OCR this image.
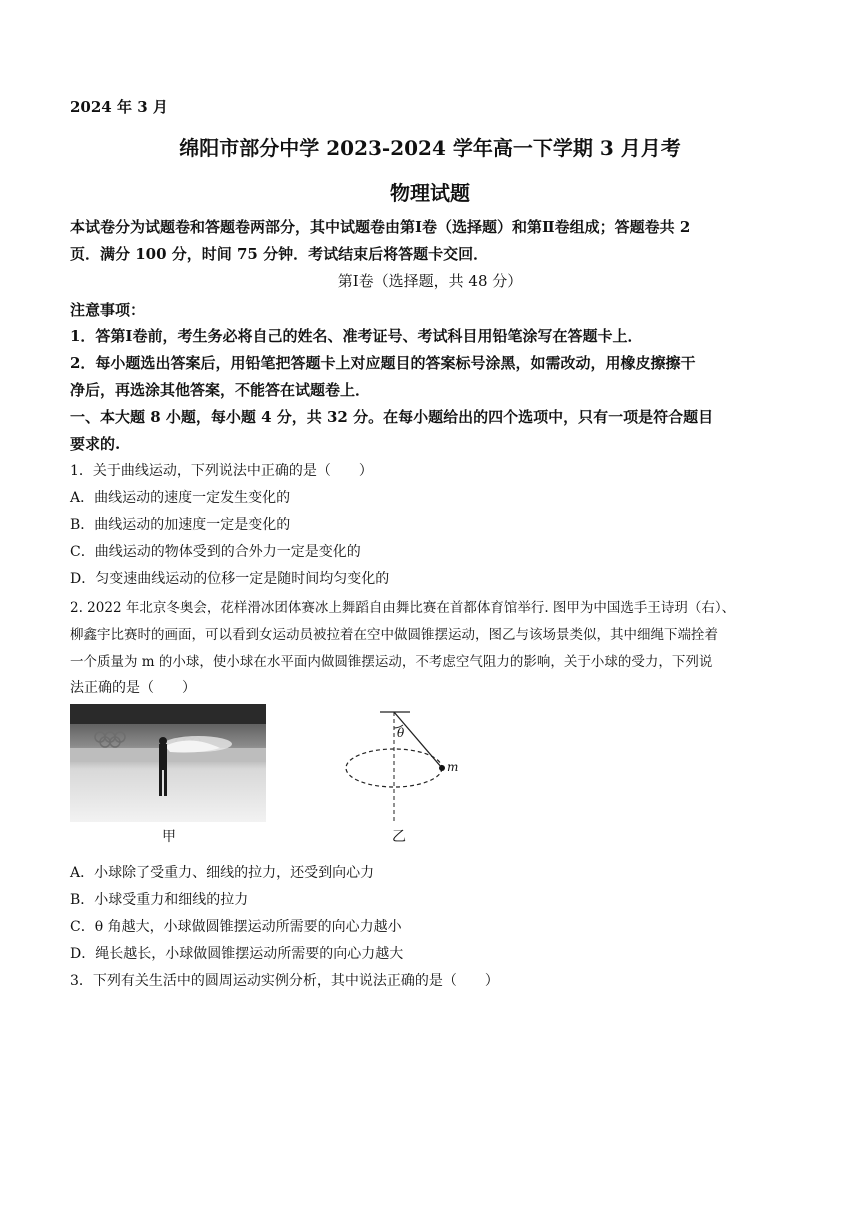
2024 年 3 月
绵阳市部分中学 2023-2024 学年高一下学期 3 月月考
物理试题
本试卷分为试题卷和答题卷两部分，其中试题卷由第Ⅰ卷（选择题）和第Ⅱ卷组成；答题卷共 2
页．满分 100 分，时间 75 分钟．考试结束后将答题卡交回．
第Ⅰ卷（选择题，共 48 分）
注意事项：
1．答第Ⅰ卷前，考生务必将自己的姓名、准考证号、考试科目用铅笔涂写在答题卡上．
2．每小题选出答案后，用铅笔把答题卡上对应题目的答案标号涂黑，如需改动，用橡皮擦擦干
净后，再选涂其他答案，不能答在试题卷上．
一、本大题 8 小题，每小题 4 分，共 32 分。在每小题给出的四个选项中，只有一项是符合题目
要求的.
1．关于曲线运动，下列说法中正确的是（　　）
A．曲线运动的速度一定发生变化的
B．曲线运动的加速度一定是变化的
C．曲线运动的物体受到的合外力一定是变化的
D．匀变速曲线运动的位移一定是随时间均匀变化的
2. 2022 年北京冬奥会，花样滑冰团体赛冰上舞蹈自由舞比赛在首都体育馆举行. 图甲为中国选手王诗玥（右）、
柳鑫宇比赛时的画面，可以看到女运动员被拉着在空中做圆锥摆运动，图乙与该场景类似，其中细绳下端拴着
一个质量为 m 的小球，使小球在水平面内做圆锥摆运动，不考虑空气阻力的影响，关于小球的受力，下列说
法正确的是（　　）
甲
θ
m
乙
A．小球除了受重力、细线的拉力，还受到向心力
B．小球受重力和细线的拉力
C．θ 角越大，小球做圆锥摆运动所需要的向心力越小
D．绳长越长，小球做圆锥摆运动所需要的向心力越大
3．下列有关生活中的圆周运动实例分析，其中说法正确的是（　　）
